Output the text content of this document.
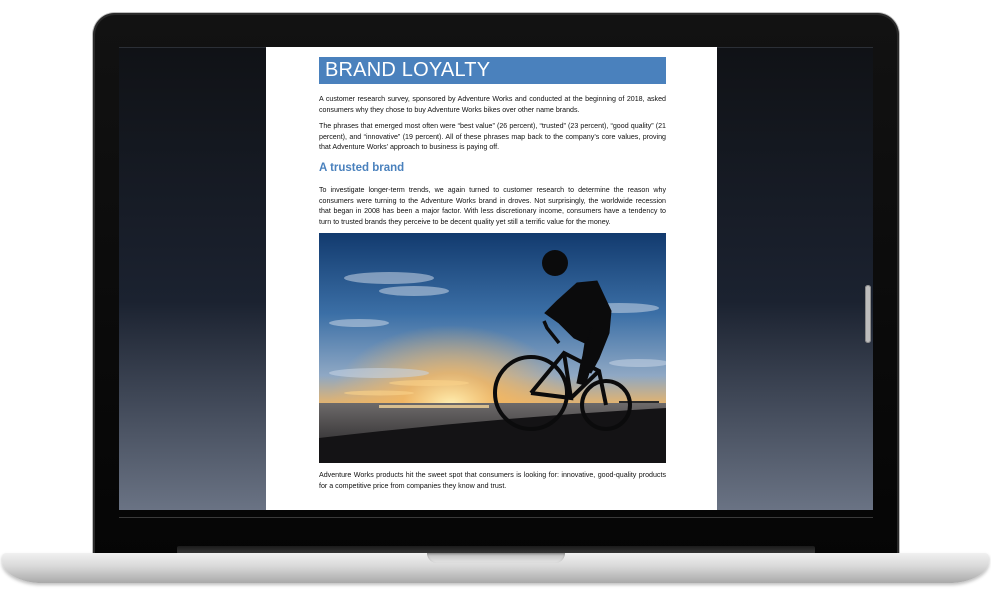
BRAND LOYALTY

A customer research survey, sponsored by Adventure Works and conducted at the beginning of 2018, asked consumers why they chose to buy Adventure Works bikes over other name brands.

The phrases that emerged most often were “best value” (26 percent), “trusted” (23 percent), “good quality” (21 percent), and “innovative” (19 percent). All of these phrases map back to the company’s core values, proving that Adventure Works’ approach to business is paying off.

A trusted brand

To investigate longer-term trends, we again turned to customer research to determine the reason why consumers were turning to the Adventure Works brand in droves. Not surprisingly, the worldwide recession that began in 2008 has been a major factor. With less discretionary income, consumers have a tendency to turn to trusted brands they perceive to be decent quality yet still a terrific value for the money.

Adventure Works products hit the sweet spot that consumers is looking for: innovative, good-quality products for a competitive price from companies they know and trust.
